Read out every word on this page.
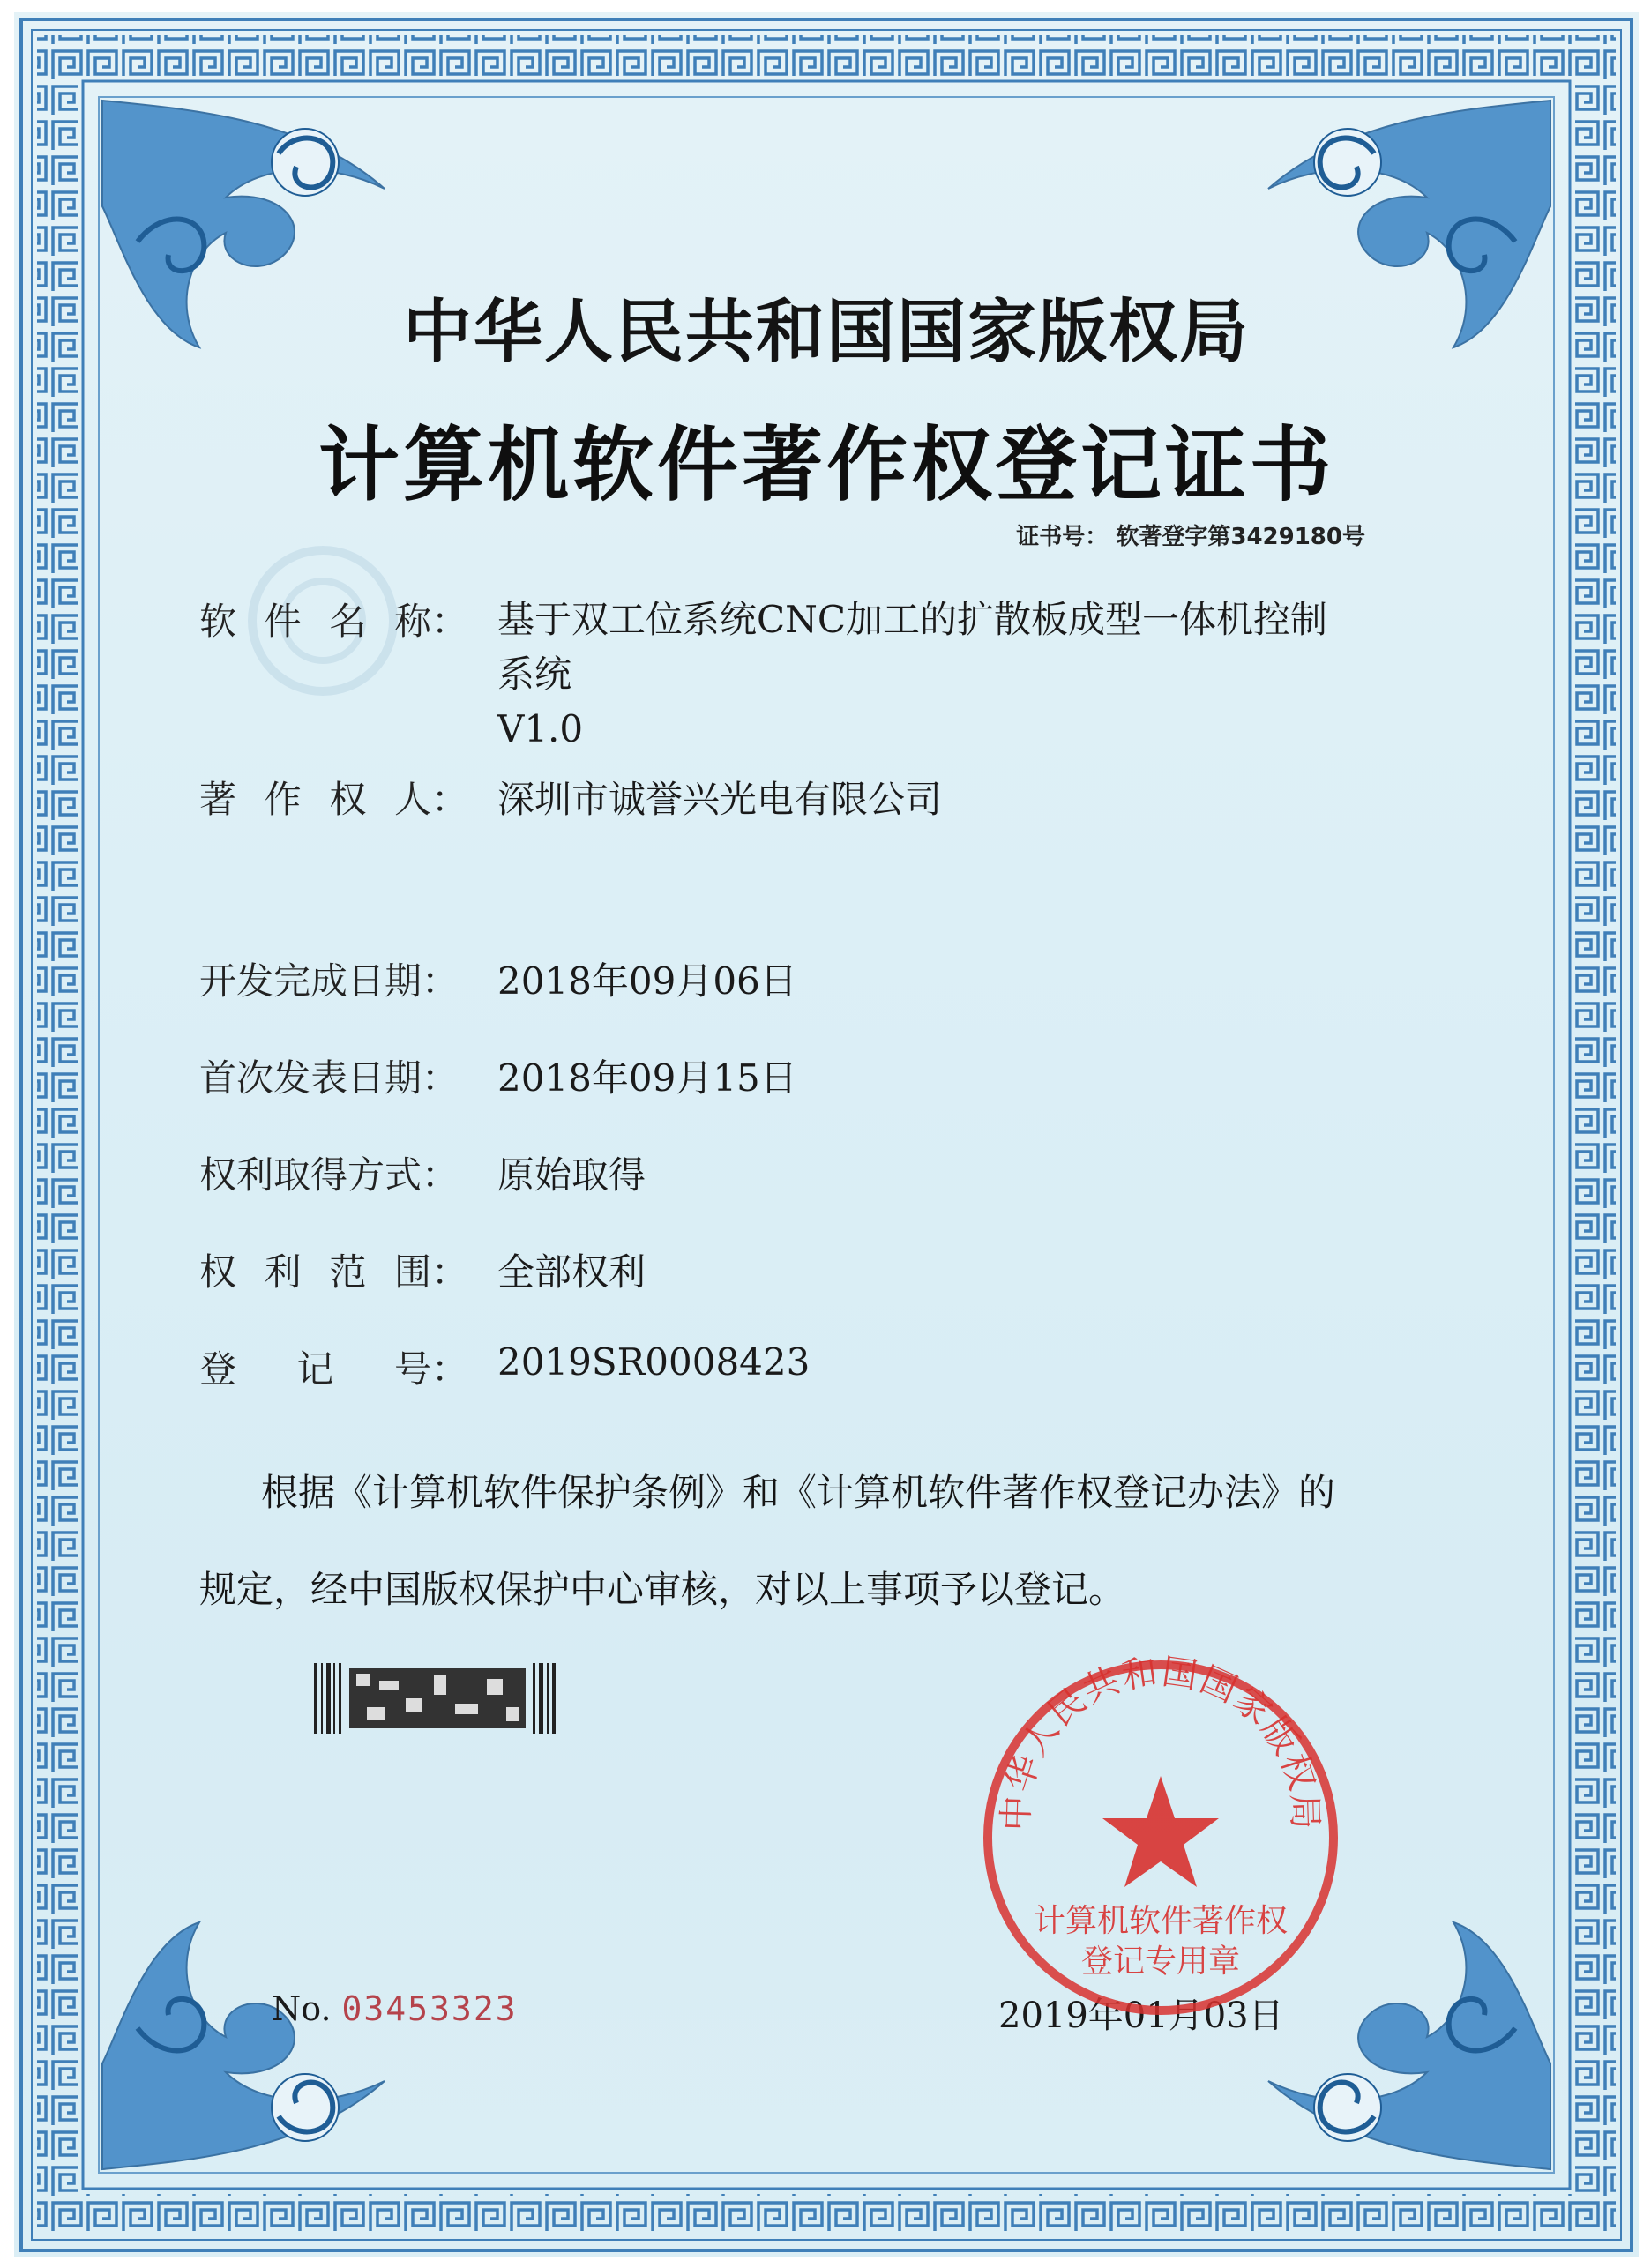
中华人民共和国国家版权局
计算机软件著作权登记证书
证书号： 软著登字第3429180号
软 件 名 称： 基于双工位系统CNC加工的扩散板成型一体机控制
系统
V1.0
著 作 权 人： 深圳市诚誉兴光电有限公司
开发完成日期： 2018年09月06日
首次发表日期： 2018年09月15日
权利取得方式： 原始取得
权 利 范 围： 全部权利
登 记 号： 2019SR0008423
根据《计算机软件保护条例》和《计算机软件著作权登记办法》的
规定，经中国版权保护中心审核，对以上事项予以登记。
No. 03453323	2019年01月03日
中华人民共和国国家版权局
计算机软件著作权
登记专用章
